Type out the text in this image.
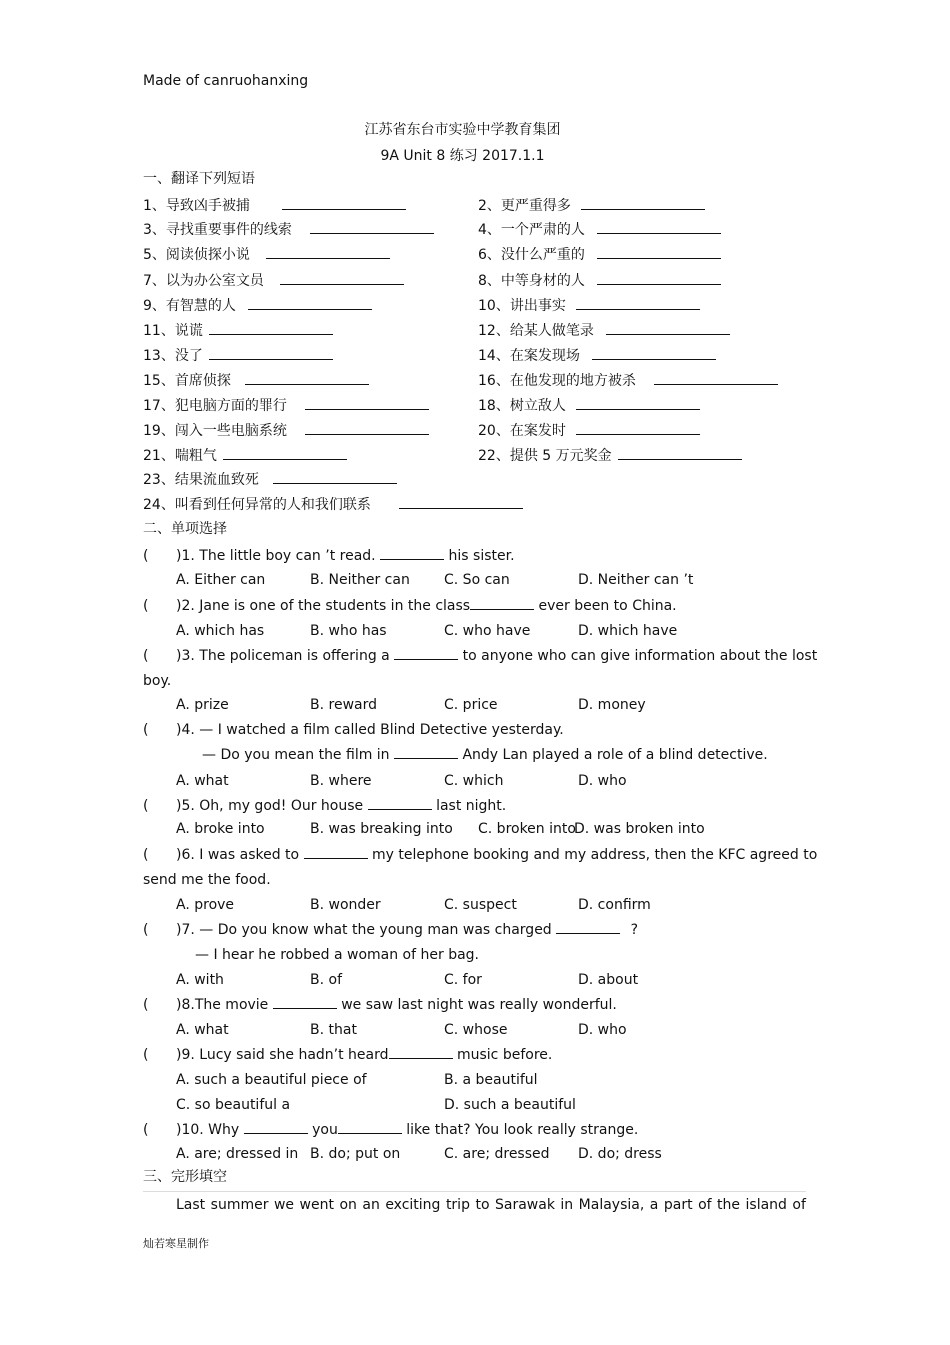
Made of canruohanxing
江苏省东台市实验中学教育集团
9A Unit 8 练习 2017.1.1
一、翻译下列短语
1、导致凶手被捕	2、更严重得多
3、寻找重要事件的线索	4、一个严肃的人
5、阅读侦探小说	6、没什么严重的
7、以为办公室文员	8、中等身材的人
9、有智慧的人	10、讲出事实
11、说谎	12、给某人做笔录
13、没了	14、在案发现场
15、首席侦探	16、在他发现的地方被杀
17、犯电脑方面的罪行	18、树立敌人
19、闯入一些电脑系统	20、在案发时
21、喘粗气	22、提供 5 万元奖金
23、结果流血致死
24、叫看到任何异常的人和我们联系
二、单项选择
( )1. The little boy can ’t read.	his sister.
A. Either can	B. Neither can C. So can	D. Neither can ’t
( )2. Jane is one of the students in the class	ever been to China.
A. which has	B. who has	C. who have	D. which have
( )3. The policeman is offering a	to anyone who can give information about the lost
boy.
A. prize	B. reward	C. price	D. money
( )4. — I watched a film called Blind Detective yesterday.
— Do you mean the film in	Andy Lan played a role of a blind detective.
A. what	B. where	C. which	D. who
( )5. Oh, my god! Our house	last night.
A. broke into	B. was breaking into C. broken into
D. was broken into
( )6. I was asked to	my telephone booking and my address, then the KFC agreed to
send me the food.
A. prove	B. wonder	C. suspect	D. confirm
( )7. — Do you know what the young man was charged	?
— I hear he robbed a woman of her bag.
A. with	B. of	C. for	D. about
( )8.The movie	we saw last night was really wonderful.
A. what	B. that	C. whose	D. who
( )9. Lucy said she hadn’t heard	music before.
A. such a beautiful piece of	B. a beautiful
C. so beautiful a	D. such a beautiful
( )10. Why	you	like that? You look really strange.
A. are; dressed in B. do; put on	C. are; dressed D. do; dress
三、完形填空
Last summer we went on an exciting trip to Sarawak in Malaysia, a part of the island of
灿若寒星制作
